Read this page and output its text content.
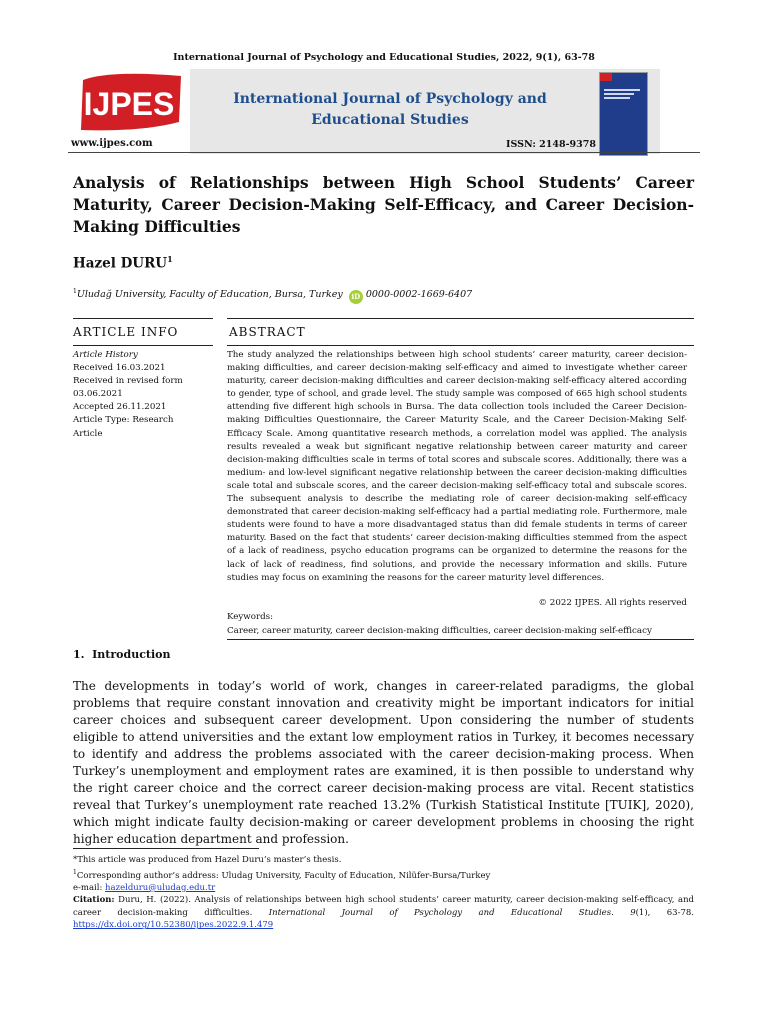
International Journal of Psychology and Educational Studies, 2022, 9(1), 63-78
IJPES	International Journal of Psychology and Educational Studies
www.ijpes.com	ISSN: 2148-9378
Analysis of Relationships between High School Students’ Career Maturity, Career Decision-Making Self-Efficacy, and Career Decision-Making Difficulties
Hazel DURU$^1$
$^1$Uludağ University, Faculty of Education, Bursa, Turkey iD 0000-0002-1669-6407
ARTICLE INFO	ABSTRACT
Article History
Received 16.03.2021
Received in revised form
03.06.2021
Accepted 26.11.2021
Article Type: Research
Article
The study analyzed the relationships between high school students’ career maturity, career decision-making difficulties, and career decision-making self-efficacy and aimed to investigate whether career maturity, career decision-making difficulties and career decision-making self-efficacy altered according to gender, type of school, and grade level. The study sample was composed of 665 high school students attending five different high schools in Bursa. The data collection tools included the Career Decision-making Difficulties Questionnaire, the Career Maturity Scale, and the Career Decision-Making Self-Efficacy Scale. Among quantitative research methods, a correlation model was applied. The analysis results revealed a weak but significant negative relationship between career maturity and career decision-making difficulties scale in terms of total scores and subscale scores. Additionally, there was a medium- and low-level significant negative relationship between the career decision-making difficulties scale total and subscale scores, and the career decision-making self-efficacy total and subscale scores. The subsequent analysis to describe the mediating role of career decision-making self-efficacy demonstrated that career decision-making self-efficacy had a partial mediating role. Furthermore, male students were found to have a more disadvantaged status than did female students in terms of career maturity. Based on the fact that students’ career decision-making difficulties stemmed from the aspect of a lack of readiness, psycho education programs can be organized to determine the reasons for the lack of lack of readiness, find solutions, and provide the necessary information and skills. Future studies may focus on examining the reasons for the career maturity level differences.
© 2022 IJPES. All rights reserved
Keywords:
Career, career maturity, career decision-making difficulties, career decision-making self-efficacy
1.  Introduction
The developments in today’s world of work, changes in career-related paradigms, the global problems that require constant innovation and creativity might be important indicators for initial career choices and subsequent career development. Upon considering the number of students eligible to attend universities and the extant low employment ratios in Turkey, it becomes necessary to identify and address the problems associated with the career decision-making process. When Turkey’s unemployment and employment rates are examined, it is then possible to understand why the right career choice and the correct career decision-making process are vital. Recent statistics reveal that Turkey’s unemployment rate reached 13.2% (Turkish Statistical Institute [TUIK], 2020), which might indicate faulty decision-making or career development problems in choosing the right higher education department and profession.

*This article was produced from Hazel Duru’s master’s thesis.

$^1$Corresponding author’s address: Uludag University, Faculty of Education, Nilüfer-Bursa/Turkey

e-mail: hazelduru@uludag.edu.tr

Citation: Duru, H. (2022). Analysis of relationships between high school students’ career maturity, career decision-making self-efficacy, and career decision-making difficulties. International Journal of Psychology and Educational Studies. 9(1), 63-78. https://dx.doi.org/10.52380/ijpes.2022.9.1.479
